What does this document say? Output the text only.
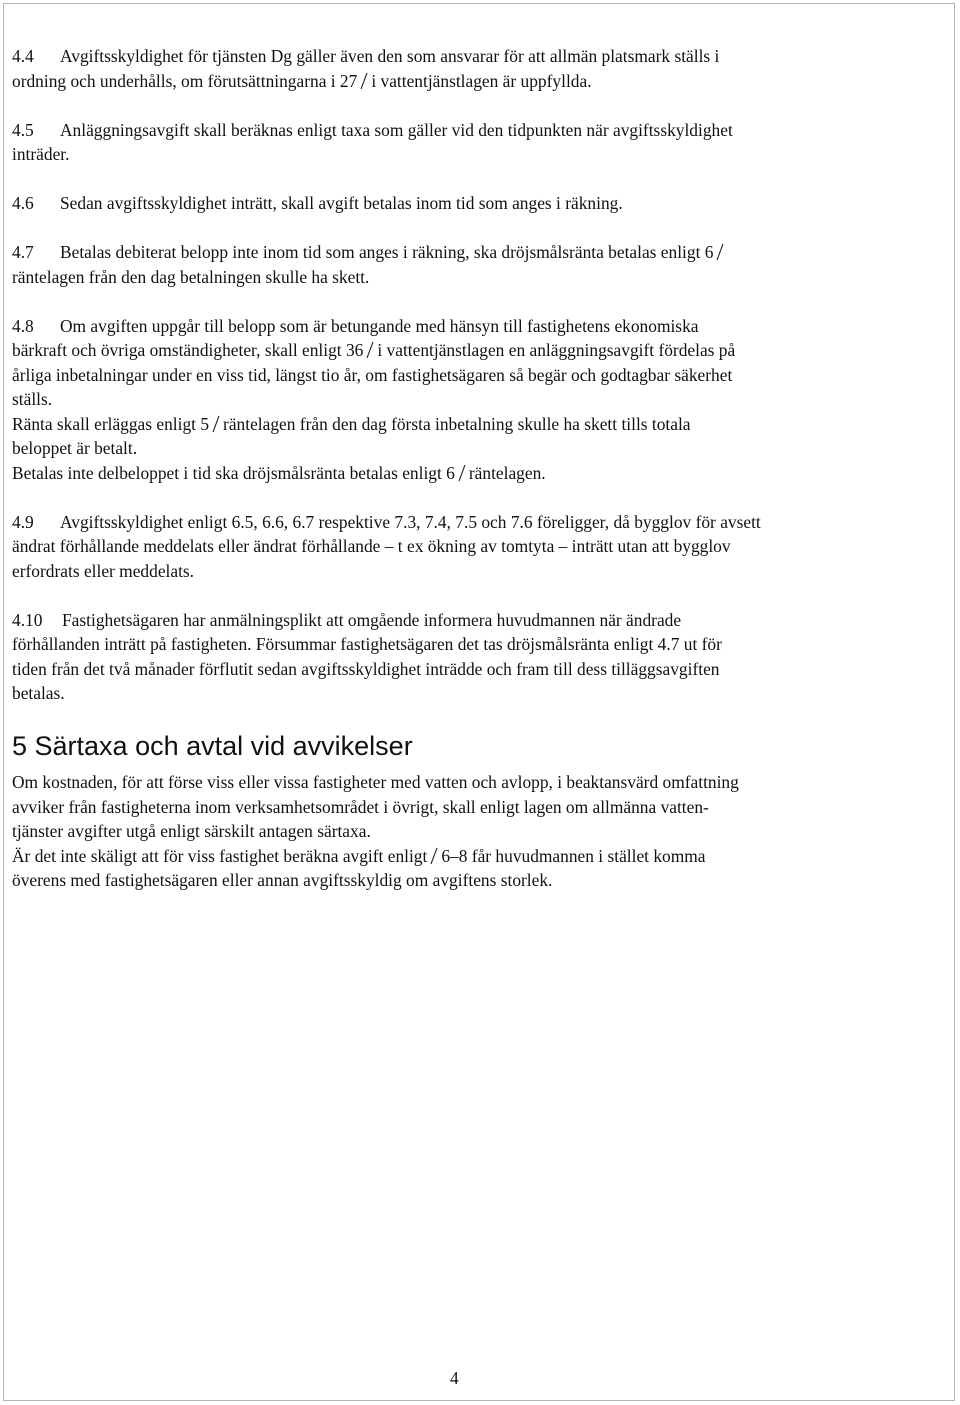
4.4 Avgiftsskyldighet för tjänsten Dg gäller även den som ansvarar för att allmän platsmark ställs i
ordning och underhålls, om förutsättningarna i 27 i vattentjänstlagen är uppfyllda.
4.5 Anläggningsavgift skall beräknas enligt taxa som gäller vid den tidpunkten när avgiftsskyldighet
inträder.
4.6 Sedan avgiftsskyldighet inträtt, skall avgift betalas inom tid som anges i räkning.
4.7 Betalas debiterat belopp inte inom tid som anges i räkning, ska dröjsmålsränta betalas enligt 6
räntelagen från den dag betalningen skulle ha skett.
4.8 Om avgiften uppgår till belopp som är betungande med hänsyn till fastighetens ekonomiska
bärkraft och övriga omständigheter, skall enligt 36 i vattentjänstlagen en anläggningsavgift fördelas på
årliga inbetalningar under en viss tid, längst tio år, om fastighetsägaren så begär och godtagbar säkerhet
ställs.
Ränta skall erläggas enligt 5 räntelagen från den dag första inbetalning skulle ha skett tills totala
beloppet är betalt.
Betalas inte delbeloppet i tid ska dröjsmålsränta betalas enligt 6 räntelagen.
4.9 Avgiftsskyldighet enligt 6.5, 6.6, 6.7 respektive 7.3, 7.4, 7.5 och 7.6 föreligger, då bygglov för avsett
ändrat förhållande meddelats eller ändrat förhållande – t ex ökning av tomtyta – inträtt utan att bygglov
erfordrats eller meddelats.
4.10 Fastighetsägaren har anmälningsplikt att omgående informera huvudmannen när ändrade
förhållanden inträtt på fastigheten. Försummar fastighetsägaren det tas dröjsmålsränta enligt 4.7 ut för
tiden från det två månader förflutit sedan avgiftsskyldighet inträdde och fram till dess tilläggsavgiften
betalas.
5 Särtaxa och avtal vid avvikelser
Om kostnaden, för att förse viss eller vissa fastigheter med vatten och avlopp, i beaktansvärd omfattning
avviker från fastigheterna inom verksamhetsområdet i övrigt, skall enligt lagen om allmänna vatten-
tjänster avgifter utgå enligt särskilt antagen särtaxa.
Är det inte skäligt att för viss fastighet beräkna avgift enligt 6–8 får huvudmannen i stället komma
överens med fastighetsägaren eller annan avgiftsskyldig om avgiftens storlek.
4
